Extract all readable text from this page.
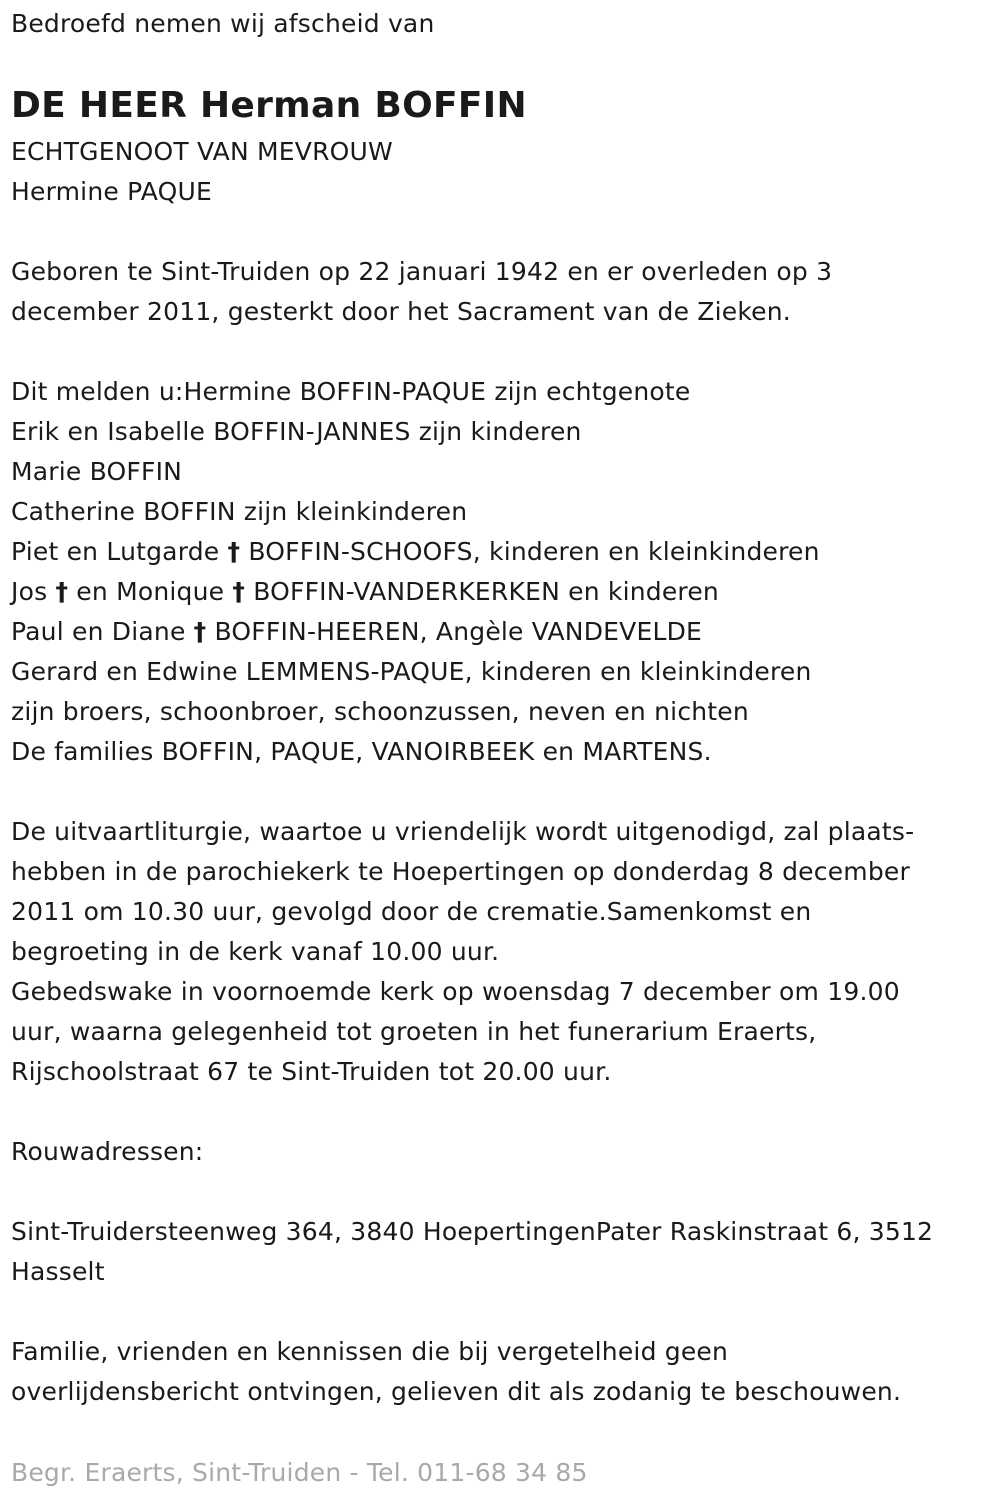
Bedroefd nemen wij afscheid van
DE HEER Herman BOFFIN
ECHTGENOOT VAN MEVROUW
Hermine PAQUE
Geboren te Sint-Truiden op 22 januari 1942 en er overleden op 3
december 2011, gesterkt door het Sacrament van de Zieken.
Dit melden u:Hermine BOFFIN-PAQUE zijn echtgenote
Erik en Isabelle BOFFIN-JANNES zijn kinderen
Marie BOFFIN
Catherine BOFFIN zijn kleinkinderen
Piet en Lutgarde † BOFFIN-SCHOOFS, kinderen en kleinkinderen
Jos † en Monique † BOFFIN-VANDERKERKEN en kinderen
Paul en Diane † BOFFIN-HEEREN, Angèle VANDEVELDE
Gerard en Edwine LEMMENS-PAQUE, kinderen en kleinkinderen
zijn broers, schoonbroer, schoonzussen, neven en nichten
De families BOFFIN, PAQUE, VANOIRBEEK en MARTENS.
De uitvaartliturgie, waartoe u vriendelijk wordt uitgenodigd, zal plaats-
hebben in de parochiekerk te Hoepertingen op donderdag 8 december
2011 om 10.30 uur, gevolgd door de crematie.Samenkomst en
begroeting in de kerk vanaf 10.00 uur.
Gebedswake in voornoemde kerk op woensdag 7 december om 19.00
uur, waarna gelegenheid tot groeten in het funerarium Eraerts,
Rijschoolstraat 67 te Sint-Truiden tot 20.00 uur.
Rouwadressen:
Sint-Truidersteenweg 364, 3840 HoepertingenPater Raskinstraat 6, 3512
Hasselt
Familie, vrienden en kennissen die bij vergetelheid geen
overlijdensbericht ontvingen, gelieven dit als zodanig te beschouwen.
Begr. Eraerts, Sint-Truiden - Tel. 011-68 34 85
